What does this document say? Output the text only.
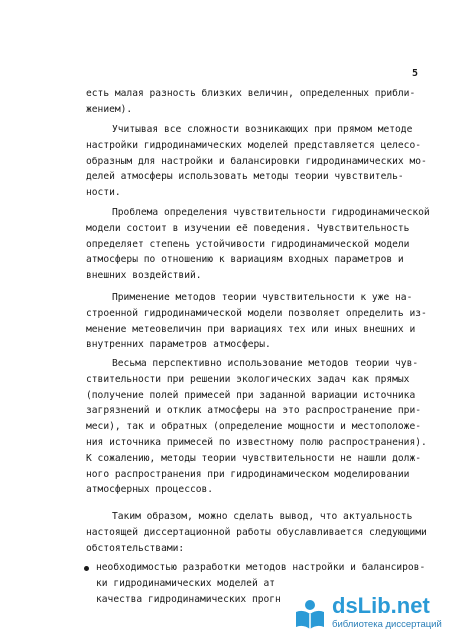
5
есть малая разность близких величин, определенных прибли-
жением).
Учитывая все сложности возникающих при прямом методе
настройки гидродинамических моделей представляется целесо-
образным для настройки и балансировки гидродинамических мо-
делей атмосферы использовать методы теории чувствитель-
ности.
Проблема определения чувствительности гидродинамической
модели состоит в изучении её поведения. Чувствительность
определяет степень устойчивости гидродинамической модели
атмосферы по отношению к вариациям входных параметров и
внешних воздействий.
Применение методов теории чувствительности к уже на-
строенной гидродинамической модели позволяет определить из-
менение метеовеличин при вариациях тех или иных внешних и
внутренних параметров атмосферы.
Весьма перспективно использование методов теории чув-
ствительности при решении экологических задач как прямых
(получение полей примесей при заданной вариации источника
загрязнений и отклик атмосферы на это распространение при-
меси), так и обратных (определение мощности и местоположе-
ния источника примесей по известному полю распространения).
К сожалению, методы теории чувствительности не нашли долж-
ного распространения при гидродинамическом моделировании
атмосферных процессов.
Таким образом, можно сделать вывод, что актуальность
настоящей диссертационной работы обуславливается следующими
обстоятельствами:
необходимостью разработки методов настройки и балансиров-
ки гидродинамических моделей ат
качества гидродинамических прогн	dsLib.net
библиотека диссертаций
